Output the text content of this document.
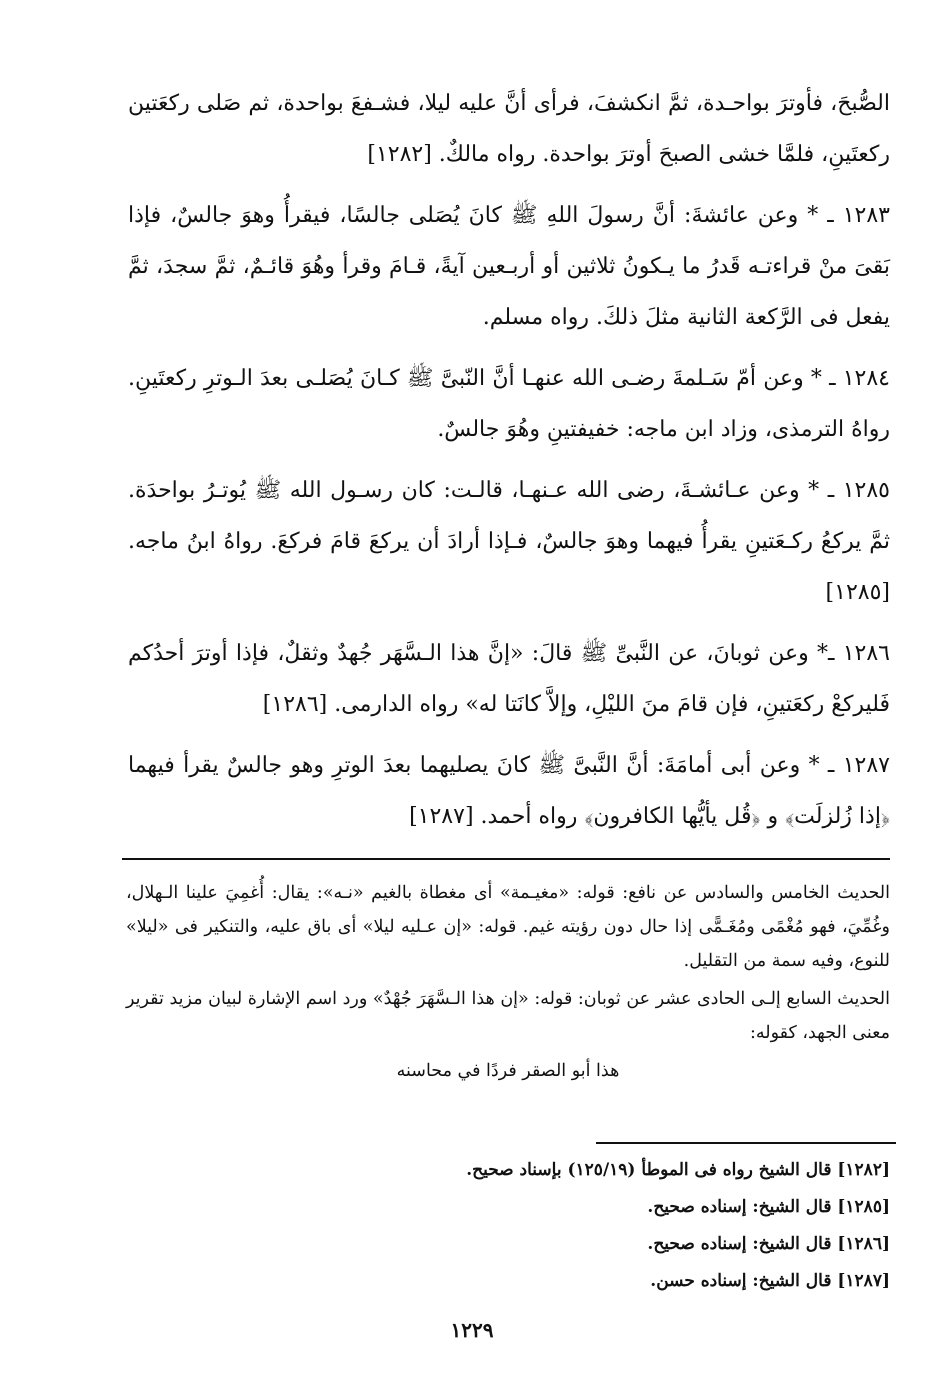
الصُّبحَ، فأوترَ بواحـدة، ثمَّ انكشفَ، فرأى أنَّ عليه ليلا، فشـفعَ بواحدة، ثم صَلى ركعَتين ركعتَينِ، فلمَّا خشى الصبحَ أوترَ بواحدة. رواه مالكٌ. [١٢٨٢]

١٢٨٣ ـ * وعن عائشةَ: أنَّ رسولَ اللهِ ﷺ كانَ يُصَلى جالسًا، فيقرأُ وهوَ جالسٌ، فإذا بَقىَ منْ قراءتـه قَدرُ ما يـكونُ ثلاثين أو أربـعين آيةً، قـامَ وقرأ وهُوَ قائـمٌ، ثمَّ سجدَ، ثمَّ يفعل فى الرَّكعة الثانية مثلَ ذلكَ. رواه مسلم.

١٢٨٤ ـ * وعن أمّ سَـلمةَ رضـى الله عنهـا أنَّ النّبىَّ ﷺ كـانَ يُصَلـى بعدَ الـوترِ ركعتَينِ. رواهُ الترمذى، وزاد ابن ماجه: خفيفتينِ وهُوَ جالسٌ.

١٢٨٥ ـ * وعن عـائشـةَ، رضى الله عـنهـا، قالـت: كان رسـول الله ﷺ يُوتـرُ بواحدَة. ثمَّ يركعُ ركـعَتينِ يقرأُ فيهما وهوَ جالسٌ، فـإذا أرادَ أن يركعَ قامَ فركعَ. رواهُ ابنُ ماجه. [١٢٨٥]

١٢٨٦ ـ* وعن ثوبانَ، عن النَّبىِّ ﷺ قالَ: «إنَّ هذا الـسَّهَر جُهدٌ وثقلٌ، فإذا أوترَ أحدُكم فَليركعْ ركعَتينِ، فإن قامَ منَ الليْلِ، وإلاَّ كانَتا له» رواه الدارمى. [١٢٨٦]

١٢٨٧ ـ * وعن أبى أمامَةَ: أنَّ النَّبىَّ ﷺ كانَ يصليهما بعدَ الوترِ وهو جالسٌ يقرأ فيهما ﴿إذا زُلزلَت﴾ و ﴿قُل يأيُّها الكافرون﴾ رواه أحمد. [١٢٨٧]

الحديث الخامس والسادس عن نافع: قوله: «مغيـمة» أى مغطاة بالغيم «نـه»: يقال: أُغمِيَ علينا الـهلال، وغُمِّيَ، فهو مُغْمًى ومُغَـمًّى إذا حال دون رؤيته غيم. قوله: «إن عـليه ليلا» أى باق عليه، والتنكير فى «ليلا» للنوع، وفيه سمة من التقليل.

الحديث السابع إلـى الحادى عشر عن ثوبان: قوله: «إن هذا الـسَّهَرَ جُهْدٌ» ورد اسم الإشارة لبيان مزيد تقرير معنى الجهد، كقوله:

هذا أبو الصقر فردًا في محاسنه

[١٢٨٢] قال الشيخ رواه فى الموطأ (١٢٥/١٩) بإسناد صحيح.
[١٢٨٥] قال الشيخ: إسناده صحيح.
[١٢٨٦] قال الشيخ: إسناده صحيح.
[١٢٨٧] قال الشيخ: إسناده حسن.
١٢٢٩
